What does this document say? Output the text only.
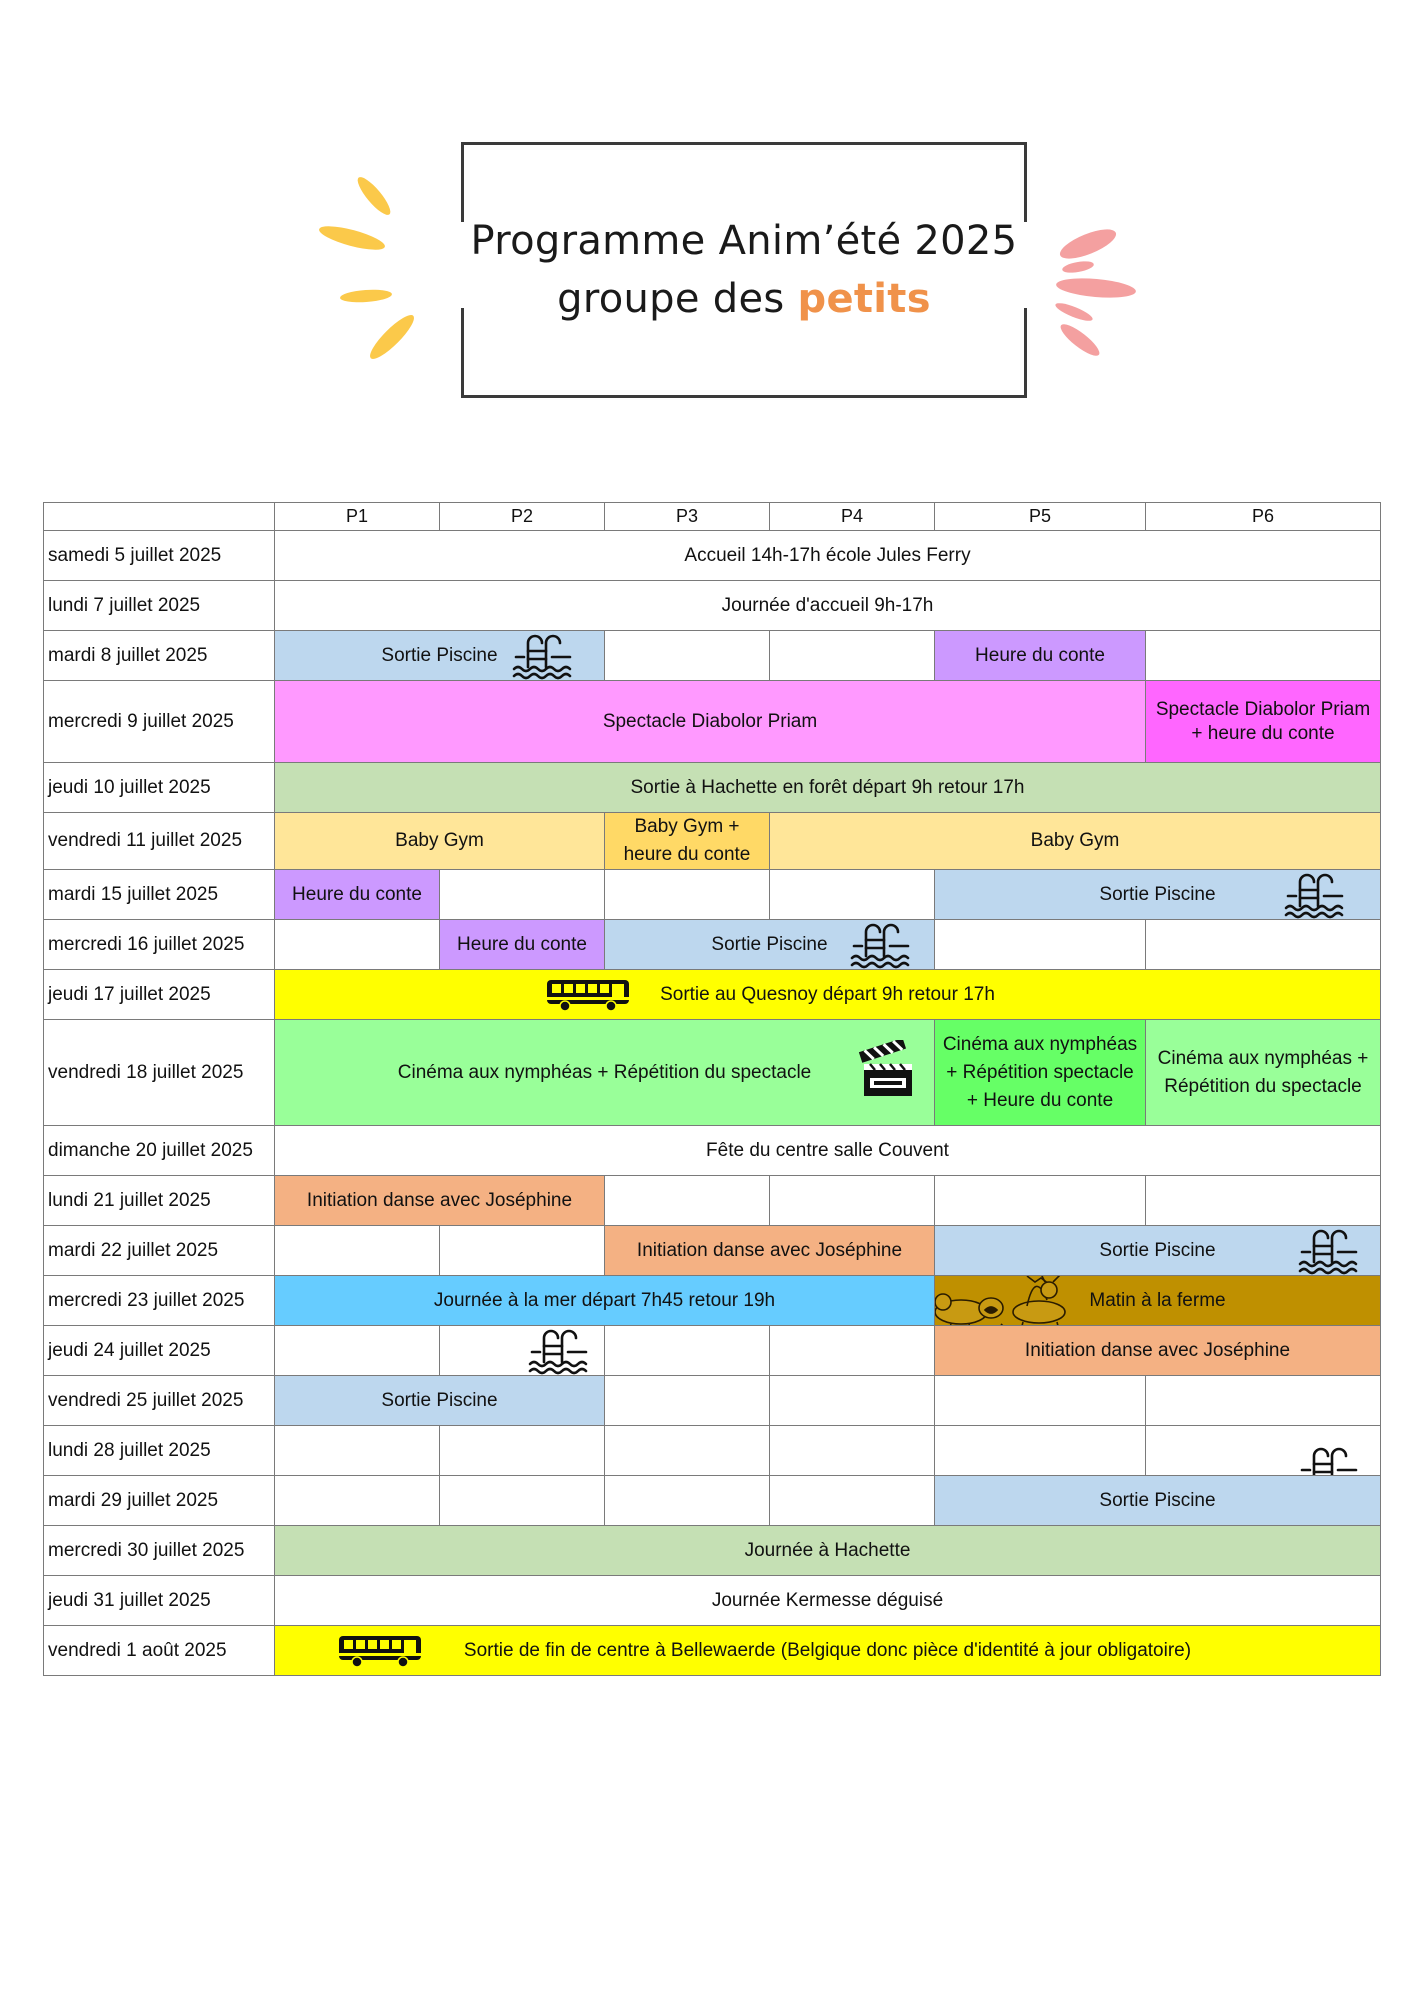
Programme Anim’été 2025
groupe des petits
	P1	P2	P3	P4	P5	P6
samedi 5 juillet 2025	Accueil 14h-17h école Jules Ferry					
lundi 7 juillet 2025	Journée d'accueil 9h-17h					
mardi 8 juillet 2025	Sortie Piscine				Heure du conte	
mercredi 9 juillet 2025	Spectacle Diabolor Priam					Spectacle Diabolor Priam
+ heure du conte
jeudi 10 juillet 2025	Sortie à Hachette en forêt départ 9h retour 17h					
vendredi 11 juillet 2025	Baby Gym		Baby Gym +
heure du conte	Baby Gym		
mardi 15 juillet 2025	Heure du conte				Sortie Piscine	
mercredi 16 juillet 2025		Heure du conte	Sortie Piscine			
jeudi 17 juillet 2025	Sortie au Quesnoy départ 9h retour 17h					
vendredi 18 juillet 2025	Cinéma aux nymphéas + Répétition du spectacle				Cinéma aux nymphéas
+ Répétition spectacle
+ Heure du conte	Cinéma aux nymphéas +
Répétition du spectacle
dimanche 20 juillet 2025	Fête du centre salle Couvent					
lundi 21 juillet 2025	Initiation danse avec Joséphine					
mardi 22 juillet 2025			Initiation danse avec Joséphine		Sortie Piscine	
mercredi 23 juillet 2025	Journée à la mer départ 7h45 retour 19h				Matin à la ferme	
jeudi 24 juillet 2025					Initiation danse avec Joséphine	
vendredi 25 juillet 2025	Sortie Piscine					
lundi 28 juillet 2025						

mardi 29 juillet 2025					Sortie Piscine	
mercredi 30 juillet 2025	Journée à Hachette					
jeudi 31 juillet 2025	Journée Kermesse déguisé					
vendredi 1 août 2025	Sortie de fin de centre à Bellewaerde (Belgique donc pièce d'identité à jour obligatoire)					
